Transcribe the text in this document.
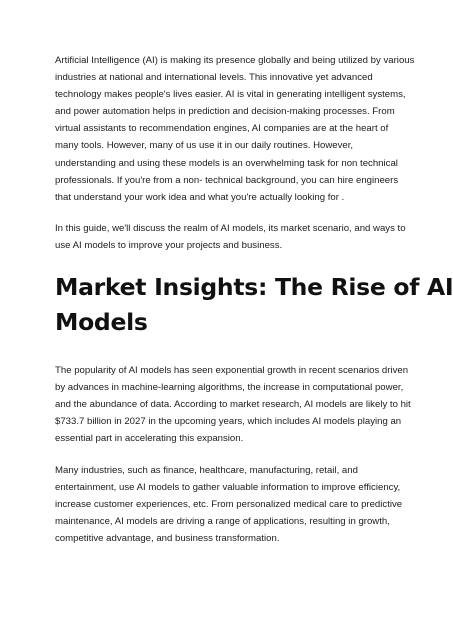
Artificial Intelligence (AI) is making its presence globally and being utilized by various
industries at national and international levels. This innovative yet advanced
technology makes people's lives easier. AI is vital in generating intelligent systems,
and power automation helps in prediction and decision-making processes. From
virtual assistants to recommendation engines, AI companies are at the heart of
many tools. However, many of us use it in our daily routines. However,
understanding and using these models is an overwhelming task for non technical
professionals. If you're from a non- technical background, you can hire engineers
that understand your work idea and what you're actually looking for .

In this guide, we'll discuss the realm of AI models, its market scenario, and ways to
use AI models to improve your projects and business.

Market Insights: The Rise of AI
Models

The popularity of AI models has seen exponential growth in recent scenarios driven
by advances in machine-learning algorithms, the increase in computational power,
and the abundance of data. According to market research, AI models are likely to hit
$733.7 billion in 2027 in the upcoming years, which includes AI models playing an
essential part in accelerating this expansion.

Many industries, such as finance, healthcare, manufacturing, retail, and
entertainment, use AI models to gather valuable information to improve efficiency,
increase customer experiences, etc. From personalized medical care to predictive
maintenance, AI models are driving a range of applications, resulting in growth,
competitive advantage, and business transformation.
